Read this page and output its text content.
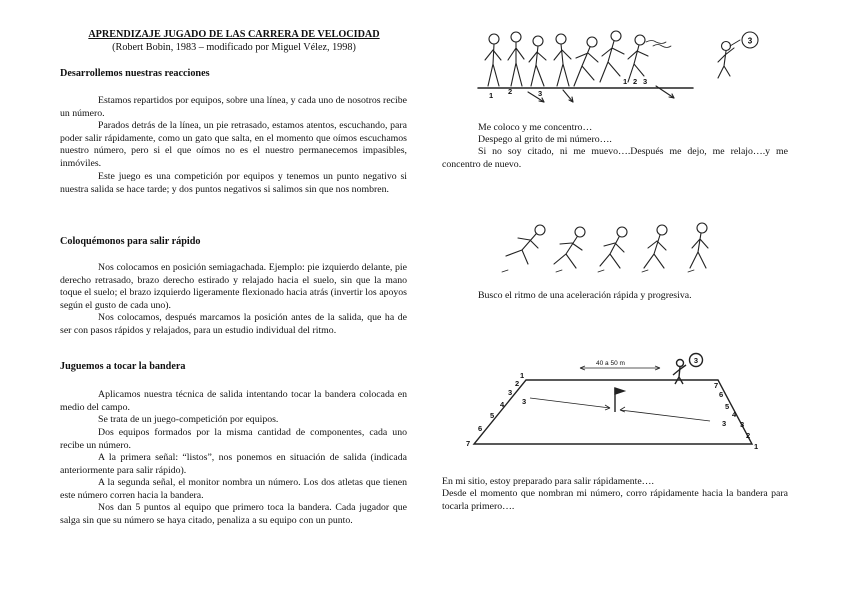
APRENDIZAJE JUGADO DE LAS CARRERA DE VELOCIDAD
(Robert Bobin, 1983 – modificado por Miguel Vélez, 1998)
Desarrollemos nuestras reacciones
Estamos repartidos por equipos, sobre una línea, y cada uno de nosotros recibe un número.
Parados detrás de la línea, un pie retrasado, estamos atentos, escuchando, para poder salir rápidamente, como un gato que salta, en el momento que oímos escuchamos nuestro número, pero si el que oímos no es el nuestro permanecemos impasibles, inmóviles.
Este juego es una competición por equipos y tenemos un punto negativo si nuestra salida se hace tarde; y dos puntos negativos si salimos sin que nos nombren.
Coloquémonos para salir rápido
Nos colocamos en posición semiagachada. Ejemplo: pie izquierdo delante, pie derecho retrasado, brazo derecho estirado y relajado hacia el suelo, sin que la mano toque el suelo; el brazo izquierdo ligeramente flexionado hacia atrás (invertir los apoyos según el gusto de cada uno).
Nos colocamos, después marcamos la posición antes de la salida, que ha de ser con pasos rápidos y relajados, para un estudio individual del ritmo.
Juguemos a tocar la bandera
Aplicamos nuestra técnica de salida intentando tocar la bandera colocada en medio del campo.
Se trata de un juego-competición por equipos.
Dos equipos formados por la misma cantidad de componentes, cada uno recibe un número.
A la primera señal: “listos”, nos ponemos en situación de salida (indicada anteriormente para salir rápido).
A la segunda señal, el monitor nombra un número. Los dos atletas que tienen este número corren hacia la bandera.
Nos dan 5 puntos al equipo que primero toca la bandera. Cada jugador que salga sin que su número se haya citado, penaliza a su equipo con un punto.
3
1 2	3
1 2 3
Me coloco y me concentro…
Despego al grito de mi número….
Si no soy citado, ni me muevo….Después me dejo, me relajo….y me concentro de nuevo.
Busco el ritmo de una aceleración rápida y progresiva.
40 a 50 m	3
1
2
3
4
5
6
7
7
6
5
4
3
2
1
3
3
En mi sitio, estoy preparado para salir rápidamente….
Desde el momento que nombran mi número, corro rápidamente hacia la bandera para tocarla primero….
